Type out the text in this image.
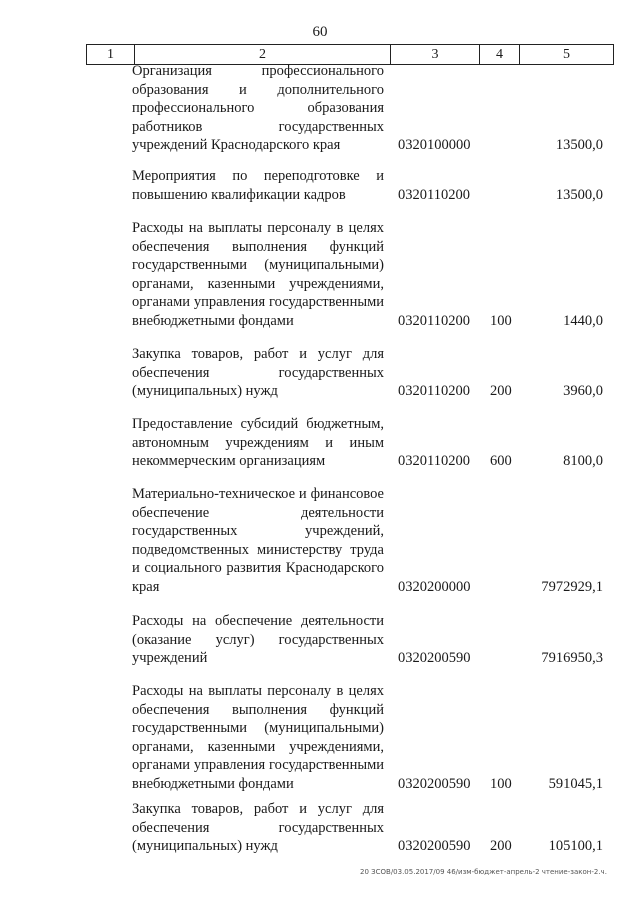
60
1	2	3	4	5
Организация профессионального образования и дополнительного профессионального образования работников государственных учреждений Краснодарского края	0320100000	13500,0
Мероприятия по переподготовке и повышению квалификации кадров	0320110200	13500,0
Расходы на выплаты персоналу в целях обеспечения выполнения функций государственными (муниципальными) органами, казенными учреждениями, органами управления государственными внебюджетными фондами	0320110200 100	1440,0
Закупка товаров, работ и услуг для обеспечения государственных (муниципальных) нужд	0320110200 200	3960,0
Предоставление субсидий бюджетным, автономным учреждениям и иным некоммерческим организациям	0320110200 600	8100,0
Материально-техническое и финансовое обеспечение деятельности государственных учреждений, подведомственных министерству труда и социального развития Краснодарского края	0320200000	7972929,1
Расходы на обеспечение деятельности (оказание услуг) государственных учреждений	0320200590	7916950,3
Расходы на выплаты персоналу в целях обеспечения выполнения функций государственными (муниципальными) органами, казенными учреждениями, органами управления государственными внебюджетными фондами	0320200590 100	591045,1
Закупка товаров, работ и услуг для обеспечения государственных (муниципальных) нужд	0320200590 200	105100,1
20 ЗСОВ/03.05.2017/09 46/изм-бюджет-апрель-2 чтение-закон-2.ч.
